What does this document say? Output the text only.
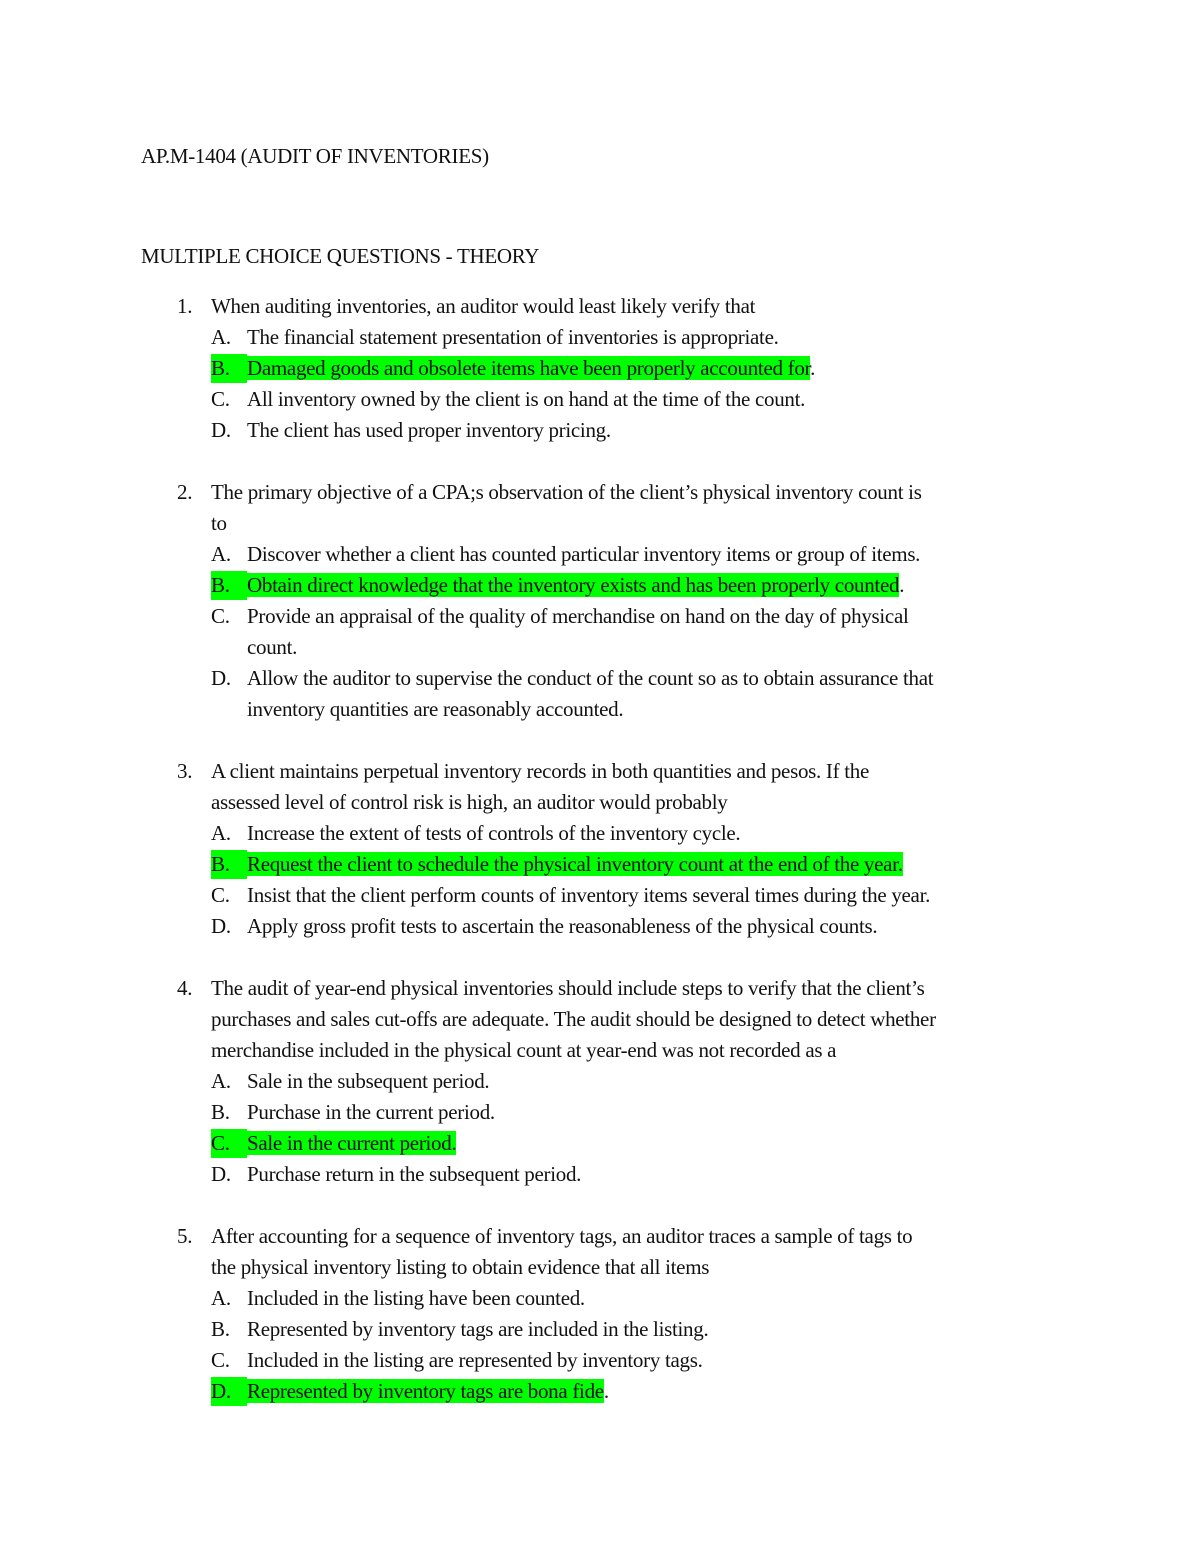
AP.M-1404 (AUDIT OF INVENTORIES)
MULTIPLE CHOICE QUESTIONS - THEORY
1. When auditing inventories, an auditor would least likely verify that
A. The financial statement presentation of inventories is appropriate.
B. Damaged goods and obsolete items have been properly accounted for.
C. All inventory owned by the client is on hand at the time of the count.
D. The client has used proper inventory pricing.
2. The primary objective of a CPA;s observation of the client’s physical inventory count is
to
A. Discover whether a client has counted particular inventory items or group of items.
B. Obtain direct knowledge that the inventory exists and has been properly counted.
C. Provide an appraisal of the quality of merchandise on hand on the day of physical
count.
D. Allow the auditor to supervise the conduct of the count so as to obtain assurance that
inventory quantities are reasonably accounted.
3. A client maintains perpetual inventory records in both quantities and pesos. If the
assessed level of control risk is high, an auditor would probably
A. Increase the extent of tests of controls of the inventory cycle.
B. Request the client to schedule the physical inventory count at the end of the year.
C. Insist that the client perform counts of inventory items several times during the year.
D. Apply gross profit tests to ascertain the reasonableness of the physical counts.
4. The audit of year-end physical inventories should include steps to verify that the client’s
purchases and sales cut-offs are adequate. The audit should be designed to detect whether
merchandise included in the physical count at year-end was not recorded as a
A. Sale in the subsequent period.
B. Purchase in the current period.
C. Sale in the current period.
D. Purchase return in the subsequent period.
5. After accounting for a sequence of inventory tags, an auditor traces a sample of tags to
the physical inventory listing to obtain evidence that all items
A. Included in the listing have been counted.
B. Represented by inventory tags are included in the listing.
C. Included in the listing are represented by inventory tags.
D. Represented by inventory tags are bona fide.
